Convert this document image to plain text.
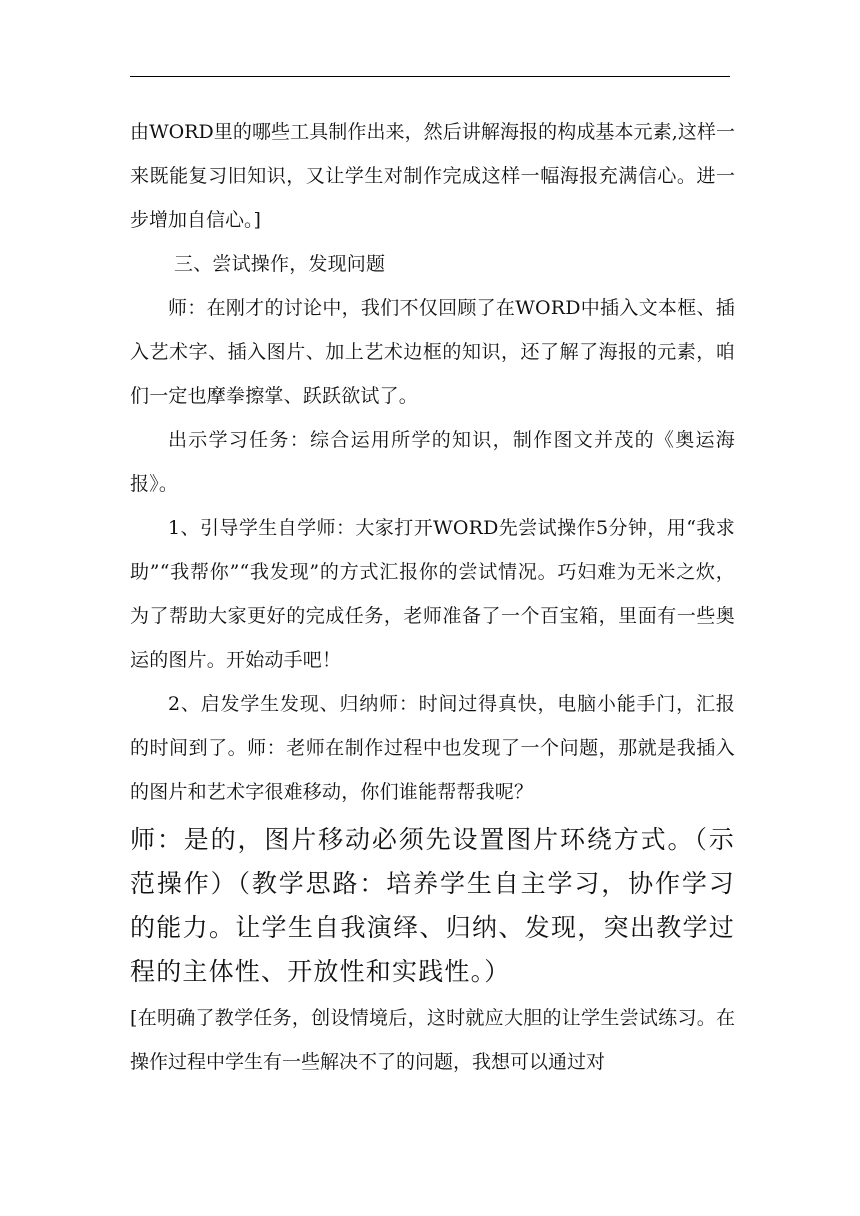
由WORD里的哪些工具制作出来，然后讲解海报的构成基本元素,这样一来既能复习旧知识，又让学生对制作完成这样一幅海报充满信心。进一步增加自信心。]

三、尝试操作，发现问题

师：在刚才的讨论中，我们不仅回顾了在WORD中插入文本框、插入艺术字、插入图片、加上艺术边框的知识，还了解了海报的元素，咱们一定也摩拳擦掌、跃跃欲试了。

出示学习任务：综合运用所学的知识，制作图文并茂的《奥运海报》。

1、引导学生自学师：大家打开WORD先尝试操作5分钟，用“我求助”“我帮你”“我发现”的方式汇报你的尝试情况。巧妇难为无米之炊，为了帮助大家更好的完成任务，老师准备了一个百宝箱，里面有一些奥运的图片。开始动手吧！

2、启发学生发现、归纳师：时间过得真快，电脑小能手门，汇报的时间到了。师：老师在制作过程中也发现了一个问题，那就是我插入的图片和艺术字很难移动，你们谁能帮帮我呢？

师：是的，图片移动必须先设置图片环绕方式。（示范操作）（教学思路：培养学生自主学习，协作学习的能力。让学生自我演绎、归纳、发现，突出教学过程的主体性、开放性和实践性。）

[在明确了教学任务，创设情境后，这时就应大胆的让学生尝试练习。在操作过程中学生有一些解决不了的问题，我想可以通过对
